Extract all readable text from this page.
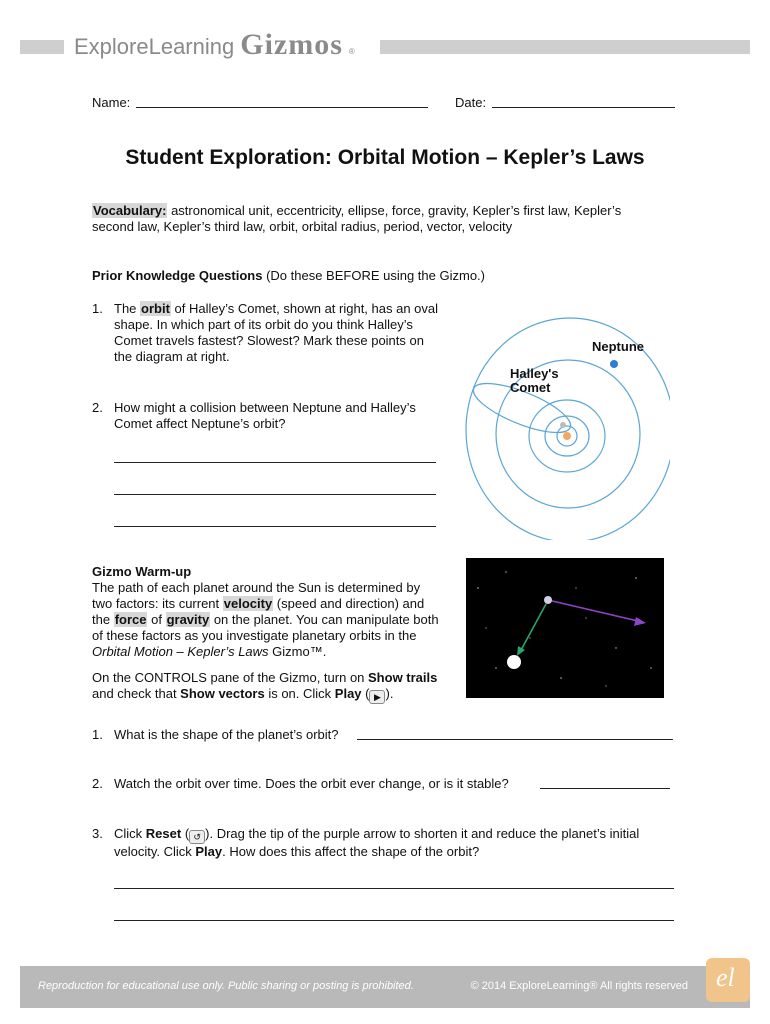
ExploreLearning Gizmos ®
Name:	Date:
Student Exploration: Orbital Motion – Kepler’s Laws
Vocabulary: astronomical unit, eccentricity, ellipse, force, gravity, Kepler’s first law, Kepler’s
second law, Kepler’s third law, orbit, orbital radius, period, vector, velocity
Prior Knowledge Questions (Do these BEFORE using the Gizmo.)
1. The orbit of Halley’s Comet, shown at right, has an oval
shape. In which part of its orbit do you think Halley’s
Comet travels fastest? Slowest? Mark these points on
the diagram at right.
2. How might a collision between Neptune and Halley’s
Comet affect Neptune’s orbit?
Neptune
Halley's
Comet
Gizmo Warm-up
The path of each planet around the Sun is determined by
two factors: its current velocity (speed and direction) and
the force of gravity on the planet. You can manipulate both
of these factors as you investigate planetary orbits in the
Orbital Motion – Kepler’s Laws Gizmo™.
On the CONTROLS pane of the Gizmo, turn on Show trails
and check that Show vectors is on. Click Play ( ▶ ).
1. What is the shape of the planet’s orbit?
2. Watch the orbit over time. Does the orbit ever change, or is it stable?
3. Click Reset ( ↺ ). Drag the tip of the purple arrow to shorten it and reduce the planet’s initial
velocity. Click Play. How does this affect the shape of the orbit?
Reproduction for educational use only. Public sharing or posting is prohibited.	© 2014 ExploreLearning® All rights reserved el
